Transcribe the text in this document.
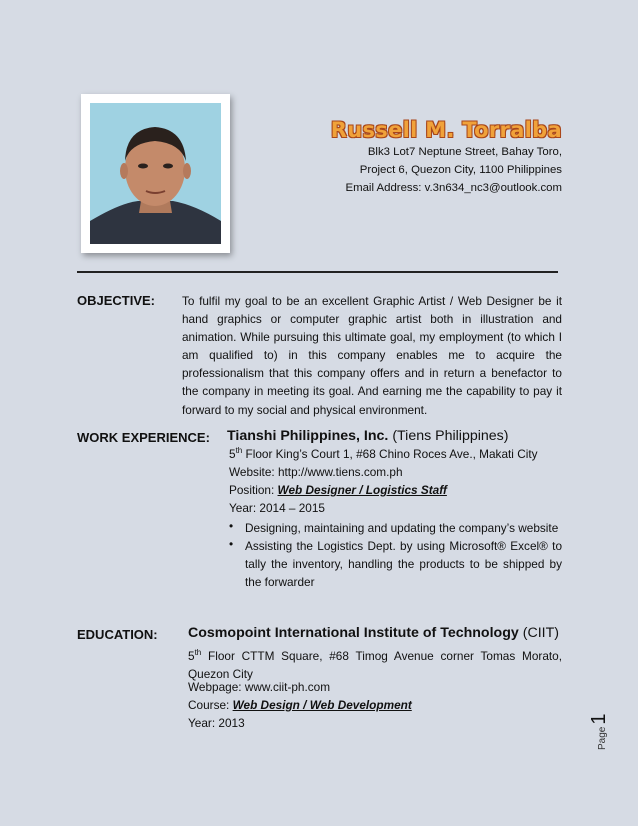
Russell M. Torralba
Blk3 Lot7 Neptune Street, Bahay Toro,
Project 6, Quezon City, 1100 Philippines
Email Address: v.3n634_nc3@outlook.com
OBJECTIVE: To fulfil my goal to be an excellent Graphic Artist / Web Designer be it hand graphics or computer graphic artist both in illustration and animation. While pursuing this ultimate goal, my employment (to which I am qualified to) in this company enables me to acquire the professionalism that this company offers and in return a benefactor to the company in meeting its goal. And earning me the capability to pay it forward to my social and physical environment.
WORK EXPERIENCE: Tianshi Philippines, Inc. (Tiens Philippines)
5th Floor King’s Court 1, #68 Chino Roces Ave., Makati City
Website: http://www.tiens.com.ph
Position: Web Designer / Logistics Staff
Year: 2014 – 2015
• Designing, maintaining and updating the company’s website
• Assisting the Logistics Dept. by using Microsoft® Excel® to tally the inventory, handling the products to be shipped by the forwarder
EDUCATION: Cosmopoint International Institute of Technology (CIIT)
5th Floor CTTM Square, #68 Timog Avenue corner Tomas Morato, Quezon City
Webpage: www.ciit-ph.com
Course: Web Design / Web Development
Year: 2013
Page1
